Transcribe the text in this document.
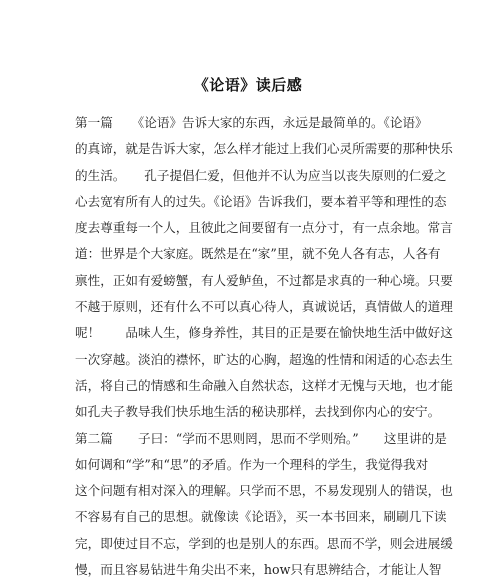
《论语》读后感
第一篇　　《论语》告诉大家的东西，永远是最简单的。《论语》
的真谛，就是告诉大家，怎么样才能过上我们心灵所需要的那种快乐
的生活。　　孔子提倡仁爱，但他并不认为应当以丧失原则的仁爱之
心去宽宥所有人的过失。《论语》告诉我们，要本着平等和理性的态
度去尊重每一个人，且彼此之间要留有一点分寸，有一点余地。常言
道：世界是个大家庭。既然是在“家”里，就不免人各有志，人各有
禀性，正如有爱螃蟹，有人爱鲈鱼，不过都是求真的一种心境。只要
不越于原则，还有什么不可以真心待人，真诚说话，真情做人的道理
呢！　　品味人生，修身养性，其目的正是要在愉快地生活中做好这
一次穿越。淡泊的襟怀，旷达的心胸，超逸的性情和闲适的心态去生
活，将自己的情感和生命融入自然状态，这样才无愧与天地，也才能
如孔夫子教导我们快乐地生活的秘诀那样，去找到你内心的安宁。
第二篇　　子曰：“学而不思则罔，思而不学则殆。”　　这里讲的是
如何调和“学”和“思”的矛盾。作为一个理科的学生，我觉得我对
这个问题有相对深入的理解。只学而不思，不易发现别人的错误，也
不容易有自己的思想。就像读《论语》，买一本书回来，刷刷几下读
完，即使过目不忘，学到的也是别人的东西。思而不学，则会进展缓
慢，而且容易钻进牛角尖出不来，how只有思辨结合，才能让人智
